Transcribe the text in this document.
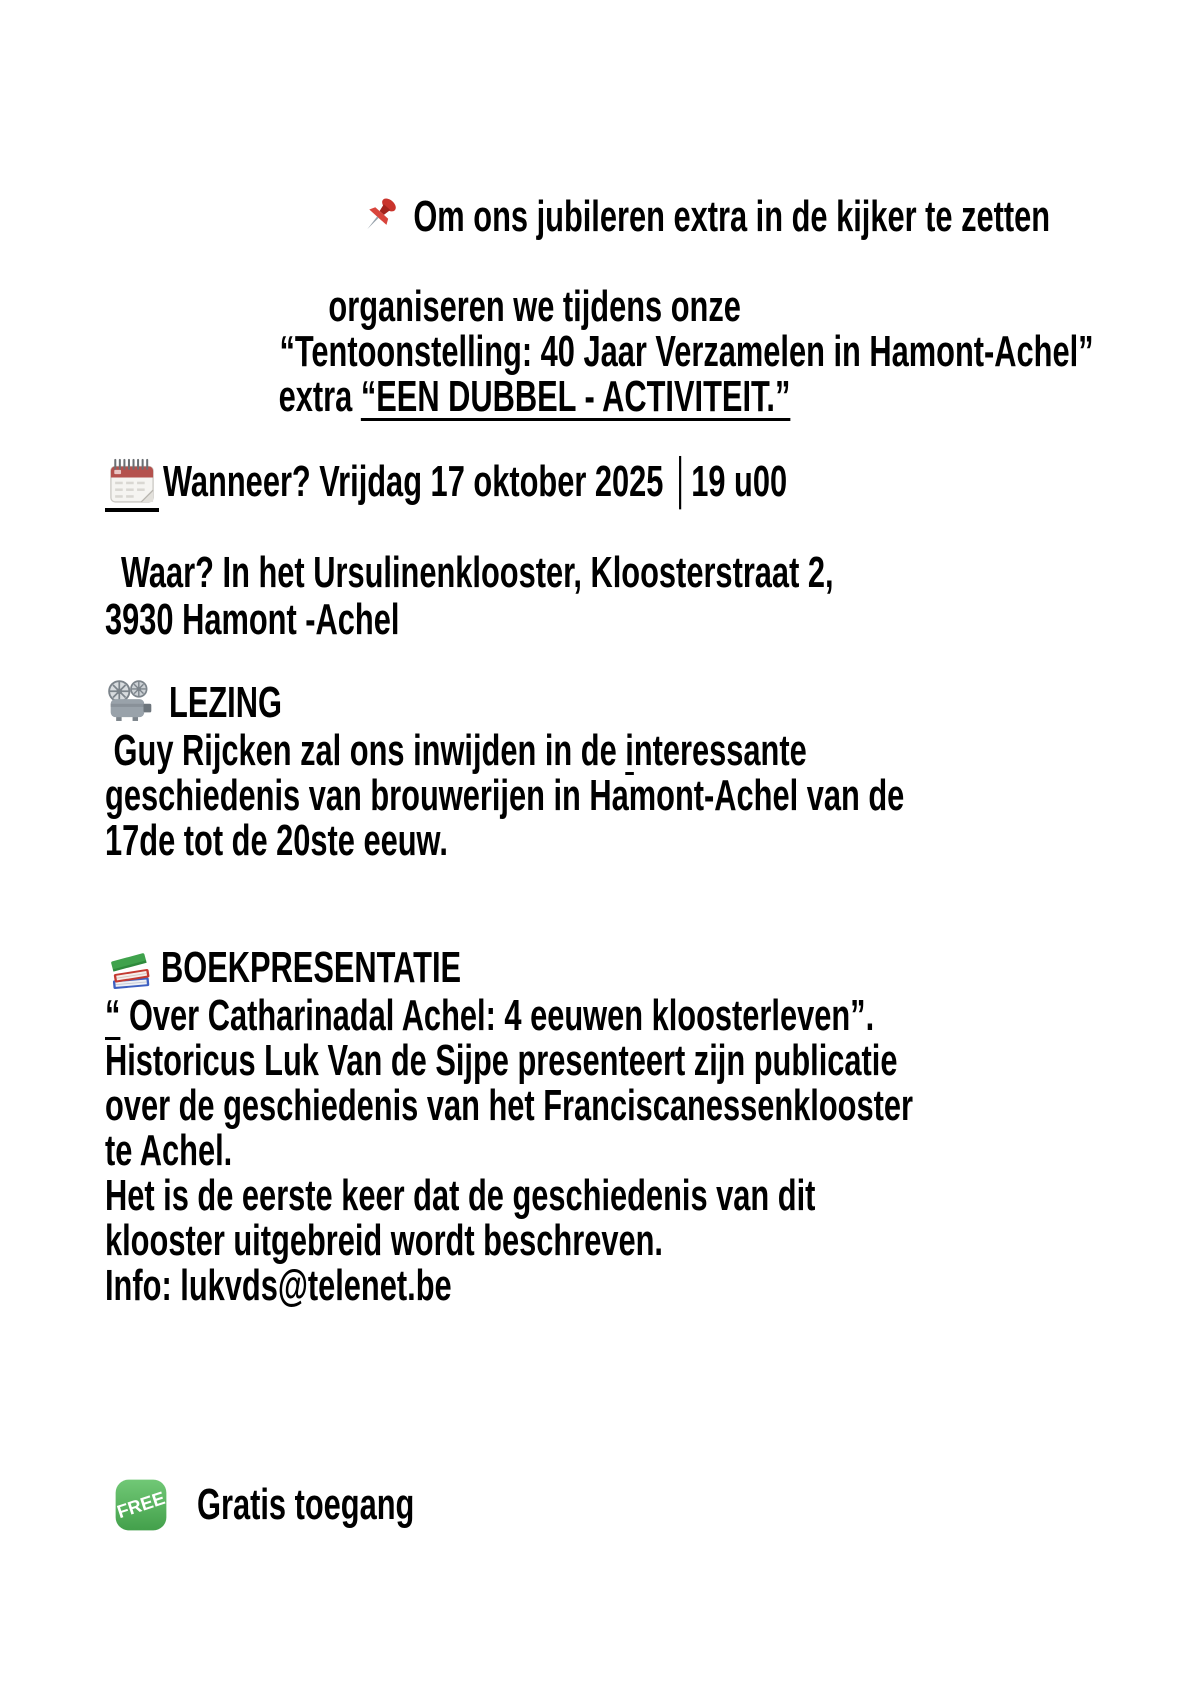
Om ons jubileren extra in de kijker te zetten

organiseren we tijdens onze
“Tentoonstelling: 40 Jaar Verzamelen in Hamont-Achel”
extra “EEN DUBBEL - ACTIVITEIT.”
Wanneer? Vrijdag 17 oktober 2025 │19 u00
Waar? In het Ursulinenklooster, Kloosterstraat 2,
3930 Hamont -Achel
LEZING
Guy Rijcken zal ons inwijden in de interessante
geschiedenis van brouwerijen in Hamont-Achel van de
17de tot de 20ste eeuw.
BOEKPRESENTATIE
“ Over Catharinadal Achel: 4 eeuwen kloosterleven”.
Historicus Luk Van de Sijpe presenteert zijn publicatie
over de geschiedenis van het Franciscanessenklooster
te Achel.
Het is de eerste keer dat de geschiedenis van dit
klooster uitgebreid wordt beschreven.
Info: lukvds@telenet.be
FREE Gratis toegang
